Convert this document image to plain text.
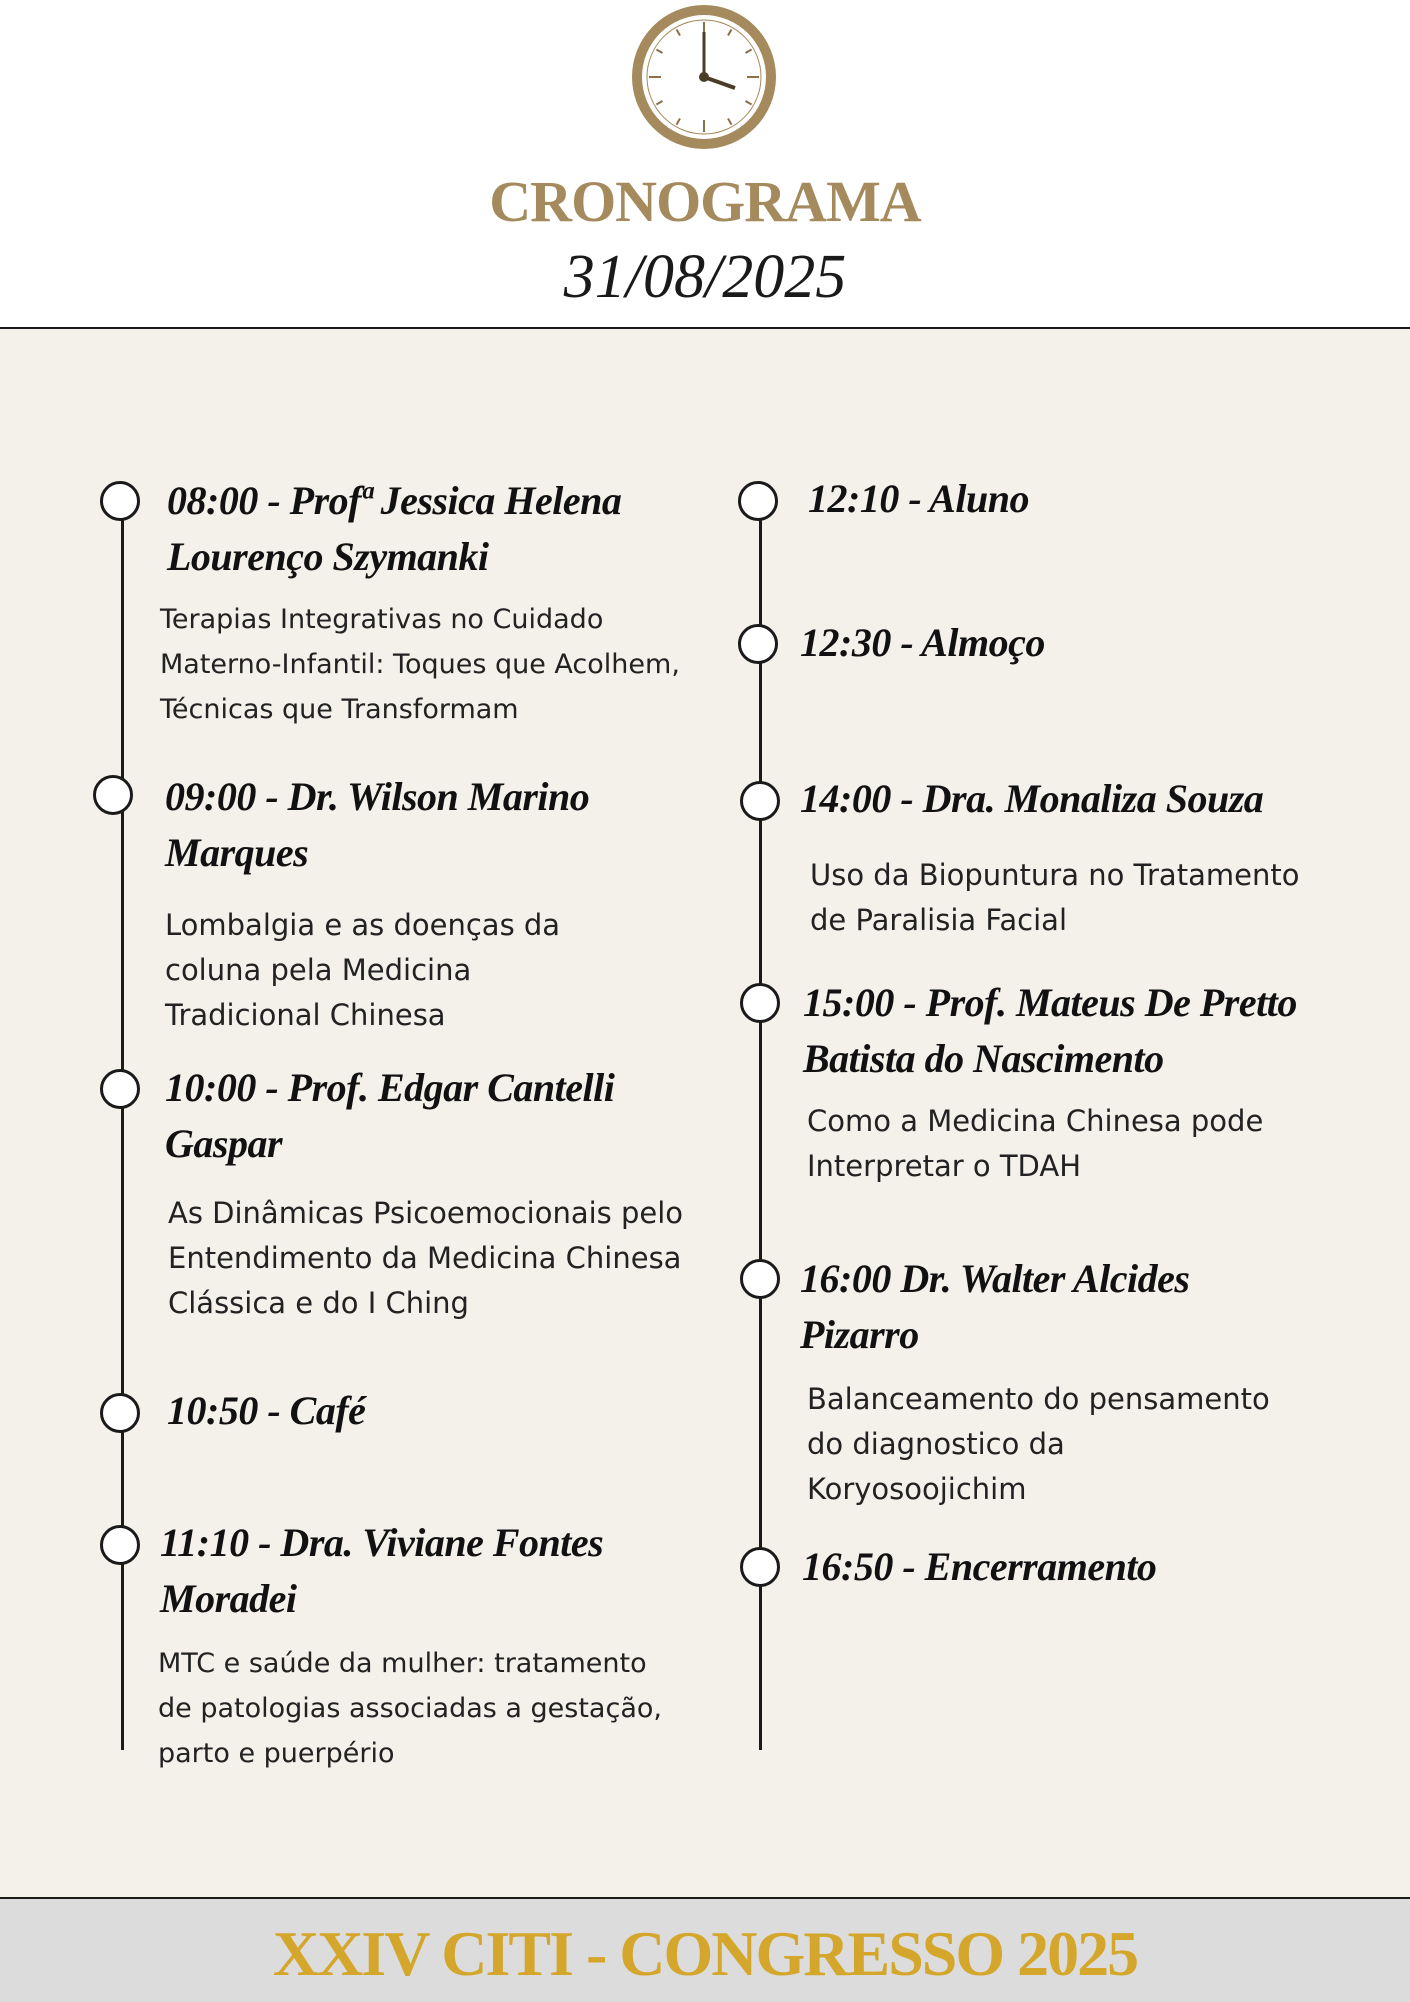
CRONOGRAMA
31/08/2025
08:00 - Profª Jessica Helena Lourenço Szymanki
Terapias Integrativas no Cuidado Materno-Infantil: Toques que Acolhem, Técnicas que Transformam
09:00 - Dr. Wilson Marino Marques
Lombalgia e as doenças da coluna pela Medicina Tradicional Chinesa
10:00 - Prof. Edgar Cantelli Gaspar
As Dinâmicas Psicoemocionais pelo Entendimento da Medicina Chinesa Clássica e do I Ching
10:50 - Café
11:10 - Dra. Viviane Fontes Moradei
MTC e saúde da mulher: tratamento de patologias associadas a gestação, parto e puerpério
12:10 - Aluno
12:30 - Almoço
14:00 - Dra. Monaliza Souza
Uso da Biopuntura no Tratamento de Paralisia Facial
15:00 - Prof. Mateus De Pretto Batista do Nascimento
Como a Medicina Chinesa pode Interpretar o TDAH
16:00 Dr. Walter Alcides Pizarro
Balanceamento do pensamento do diagnostico da Koryosoojichim
16:50 - Encerramento
XXIV CITI - CONGRESSO 2025
